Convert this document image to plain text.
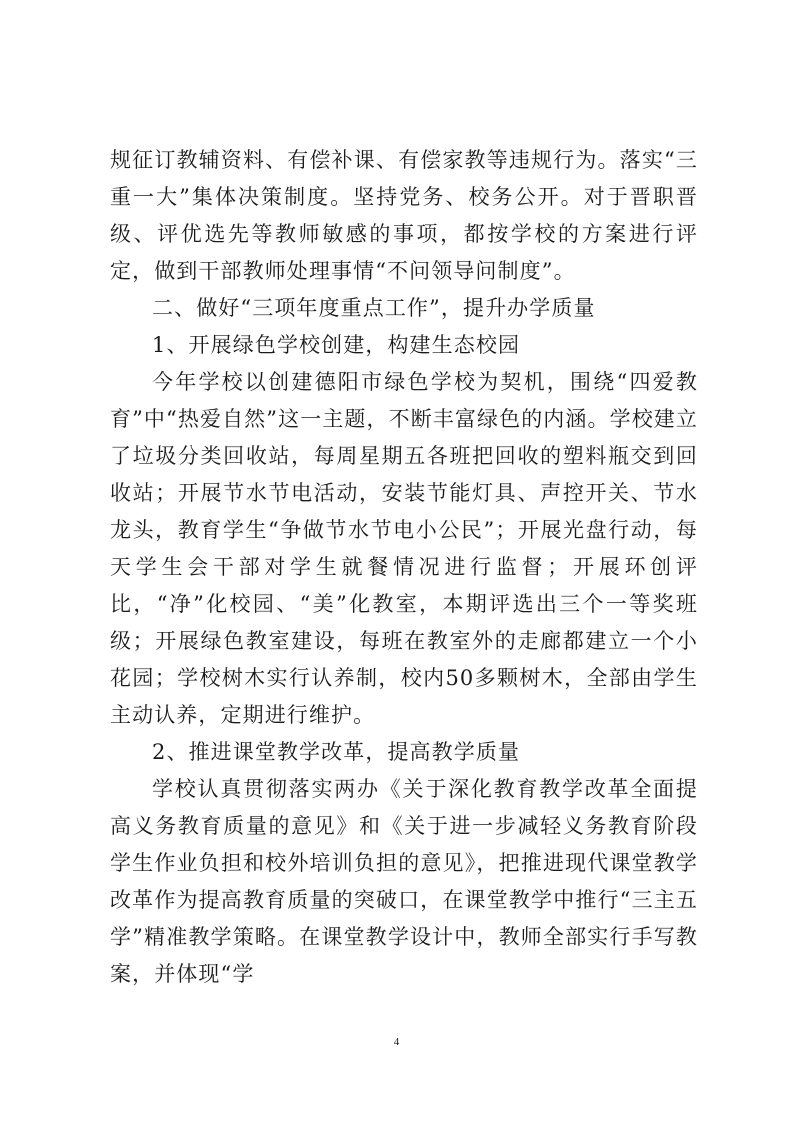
规征订教辅资料、有偿补课、有偿家教等违规行为。落实“三重一大”集体决策制度。坚持党务、校务公开。对于晋职晋级、评优选先等教师敏感的事项，都按学校的方案进行评定，做到干部教师处理事情“不问领导问制度”。

二、做好“三项年度重点工作”，提升办学质量

1、开展绿色学校创建，构建生态校园

今年学校以创建德阳市绿色学校为契机，围绕“四爱教育”中“热爱自然”这一主题，不断丰富绿色的内涵。学校建立了垃圾分类回收站，每周星期五各班把回收的塑料瓶交到回收站；开展节水节电活动，安装节能灯具、声控开关、节水龙头，教育学生“争做节水节电小公民”；开展光盘行动，每天学生会干部对学生就餐情况进行监督；开展环创评比，“净”化校园、“美”化教室，本期评选出三个一等奖班级；开展绿色教室建设，每班在教室外的走廊都建立一个小花园；学校树木实行认养制，校内50多颗树木，全部由学生主动认养，定期进行维护。

2、推进课堂教学改革，提高教学质量

学校认真贯彻落实两办《关于深化教育教学改革全面提高义务教育质量的意见》和《关于进一步减轻义务教育阶段学生作业负担和校外培训负担的意见》，把推进现代课堂教学改革作为提高教育质量的突破口，在课堂教学中推行“三主五学”精准教学策略。在课堂教学设计中，教师全部实行手写教案，并体现“学

4
